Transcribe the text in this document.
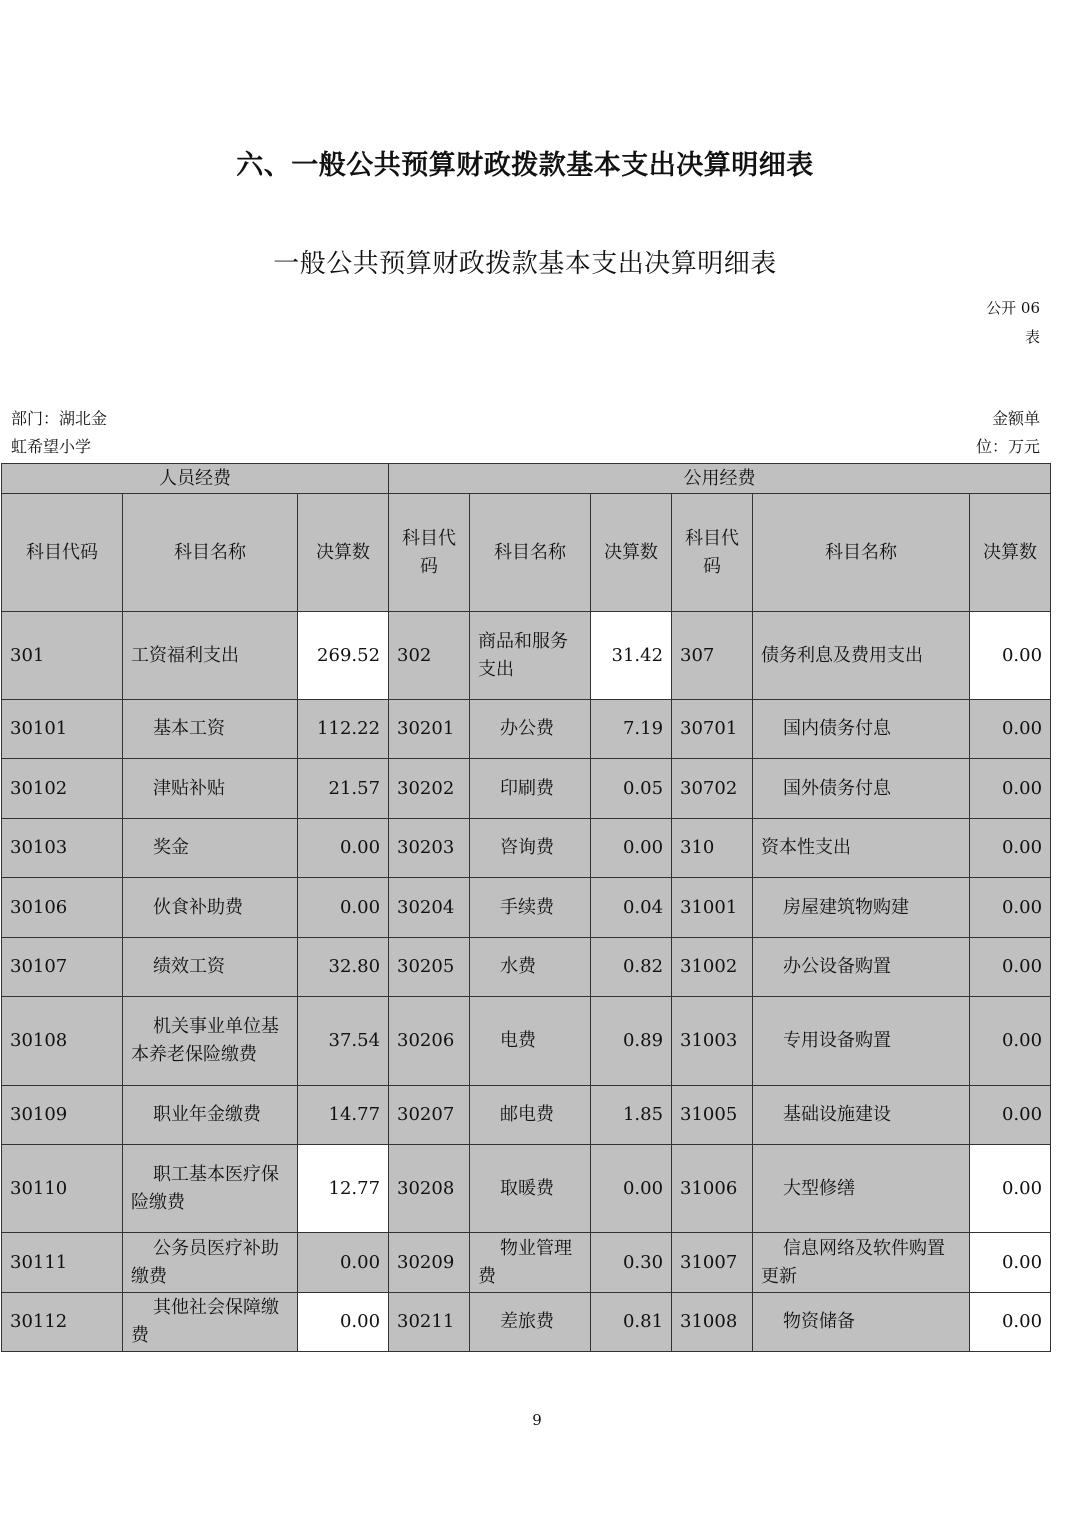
六、一般公共预算财政拨款基本支出决算明细表
一般公共预算财政拨款基本支出决算明细表
公开 06
表
部门：湖北金
虹希望小学
金额单
位：万元
人员经费			公用经费					
科目代码	科目名称	决算数	科目代码	科目名称	决算数	科目代码	科目名称	决算数
301	工资福利支出	269.52	302	商品和服务支出	31.42	307	债务利息及费用支出	0.00
30101	基本工资	112.22	30201	办公费	7.19	30701	国内债务付息	0.00
30102	津贴补贴	21.57	30202	印刷费	0.05	30702	国外债务付息	0.00
30103	奖金	0.00	30203	咨询费	0.00	310	资本性支出	0.00
30106	伙食补助费	0.00	30204	手续费	0.04	31001	房屋建筑物购建	0.00
30107	绩效工资	32.80	30205	水费	0.82	31002	办公设备购置	0.00
30108	机关事业单位基本养老保险缴费	37.54	30206	电费	0.89	31003	专用设备购置	0.00
30109	职业年金缴费	14.77	30207	邮电费	1.85	31005	基础设施建设	0.00
30110	职工基本医疗保险缴费	12.77	30208	取暖费	0.00	31006	大型修缮	0.00
30111	公务员医疗补助缴费	0.00	30209	物业管理费	0.30	31007	信息网络及软件购置更新	0.00
30112	其他社会保障缴费	0.00	30211	差旅费	0.81	31008	物资储备	0.00
9
